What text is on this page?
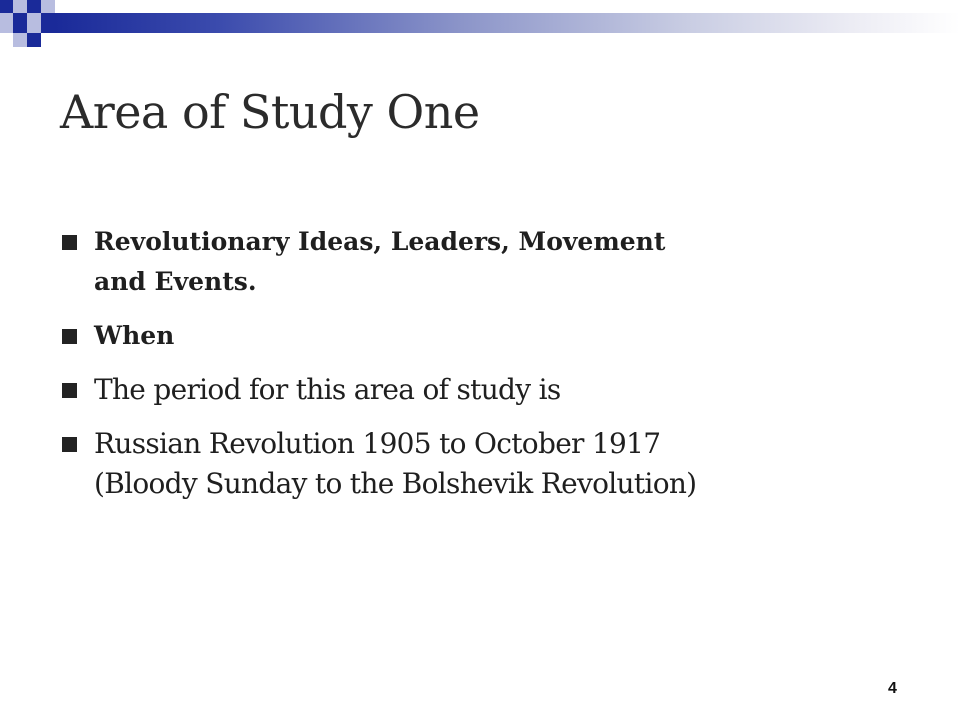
Area of Study One
Revolutionary Ideas, Leaders, Movement
and Events.
When
The period for this area of study is
Russian Revolution 1905 to October 1917
(Bloody Sunday to the Bolshevik Revolution)
4
